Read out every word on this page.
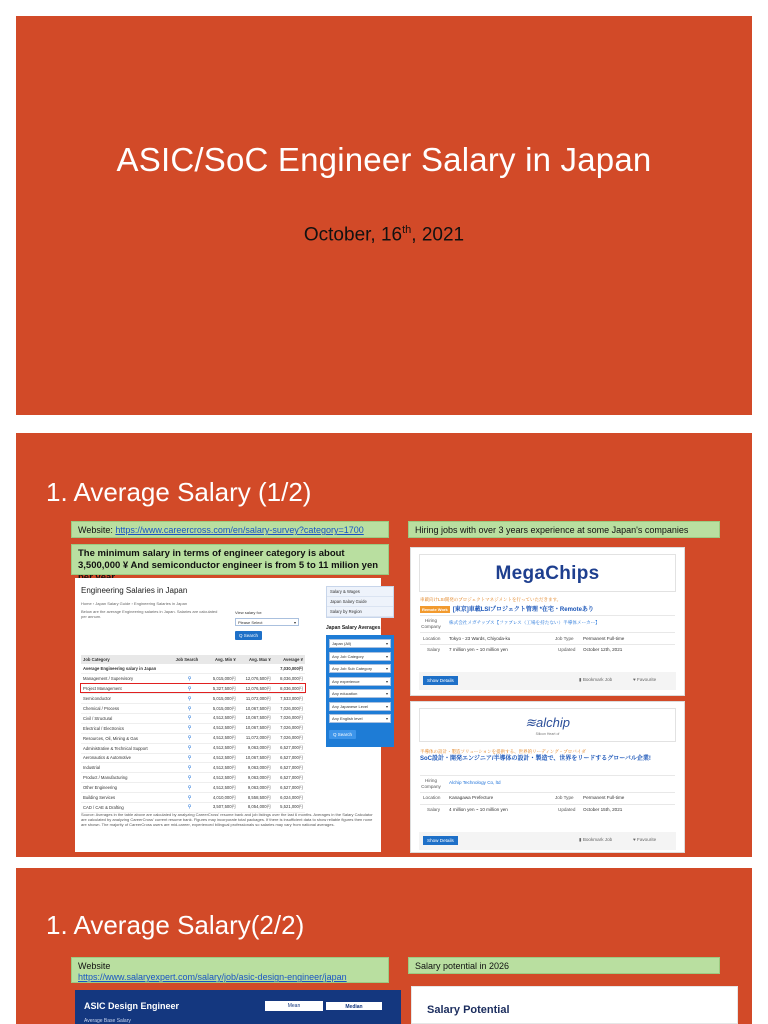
ASIC/SoC Engineer Salary in Japan
October, 16th, 2021
1. Average Salary (1/2)
Website: https://www.careercross.com/en/salary-survey?category=1700
The minimum salary in terms of engineer category is about 3,500,000 ¥ And semiconductor engineer is from 5 to 11 milion yen
Hiring jobs with over 3 years experience at some Japan's companies
Engineering Salaries in Japan
Home › Japan Salary Guide › Engineering Salaries in Japan
Below are the average Engineering salaries in Japan. Salaries are calculated per annum.
View salary for:
Please Select	▾
Q Search
Job Category	Job Search	Avg. Min ¥	Avg. Max ¥	Average ¥
Average Engineering salary in Japan				7,030,000円
Management / Supervisory	⚲	5,015,000円	12,076,500円	8,036,000円
Project Management	⚲	5,327,500円	12,076,500円	8,036,000円
Semiconductor	⚲	5,015,000円	11,072,000円	7,533,000円
Chemical / Process	⚲	5,015,000円	10,067,500円	7,026,000円
Civil / Structural	⚲	4,512,500円	10,067,500円	7,026,000円
Electrical / Electronics	⚲	4,512,500円	10,067,500円	7,026,000円
Resources, Oil, Mining & Gas	⚲	4,512,500円	11,072,000円	7,026,000円
Administrative & Technical Support	⚲	4,512,500円	9,063,000円	6,527,000円
Aeronautics & Automotive	⚲	4,512,500円	10,067,500円	6,527,000円
Industrial	⚲	4,512,500円	9,063,000円	6,527,000円
Product / Manufacturing	⚲	4,512,500円	9,063,000円	6,527,000円
Other Engineering	⚲	4,512,500円	9,063,000円	6,527,000円
Building Services	⚲	4,010,000円	8,558,500円	6,024,000円
CAD / CAE & Drafting	⚲	3,507,500円	8,054,000円	5,521,000円
Source: Averages in the table above are calculated by analyzing CareerCross' resume bank and job listings over the last 6 months. Averages in the Salary Calculator are calculated by analyzing CareerCross' current resume bank. Figures may incorporate total packages. If there is insufficient data to show reliable figures then none are shown. The majority of CareerCross users are mid-career, experienced bilingual professionals so salaries may vary from national averages.
Salary & Wages
Japan Salary Guide
Salary by Region
Japan Salary Averages
Japan (All)	▾
Any Job Category	▾
Any Job Sub Category	▾
Any experience	▾
Any education	▾
Any Japanese Level	▾
Any English level	▾
Q Search
MegaChips
車載向けLSI開発のプロジェクトマネジメントを行っていただきます。
Remote Work [東京]車載LSIプロジェクト管理 *在宅・Remoteあり
Hiring Company
株式会社メガチップス【ファブレス（工場を持たない）半導体メーカー】
Location Tokyo - 23 Wards, Chiyoda-ku	Job Type Permanent Full-time
Salary 7 million yen ~ 10 million yen	Updated October 12th, 2021
Show Details	▮ Bookmark Job	♥ Favourite
≋alchip
Silicon Heart of
半導体の設計・製造ソリューションを提供する、世界的リーディング・プロバイダ
SoC設計・開発エンジニア/半導体の設計・製造で、世界をリードするグローバル企業!
Hiring Company
Alchip Technology Co, ltd
Location Kanagawa Prefecture	Job Type Permanent Full-time
Salary 4 million yen ~ 10 million yen	Updated October 15th, 2021
Show Details	▮ Bookmark Job	♥ Favourite
1. Average Salary(2/2)
Website
https://www.salaryexpert.com/salary/job/asic-design-engineer/japan
Salary potential in 2026
ASIC Design Engineer	Mean	Median
Average Base Salary
Salary Potential
